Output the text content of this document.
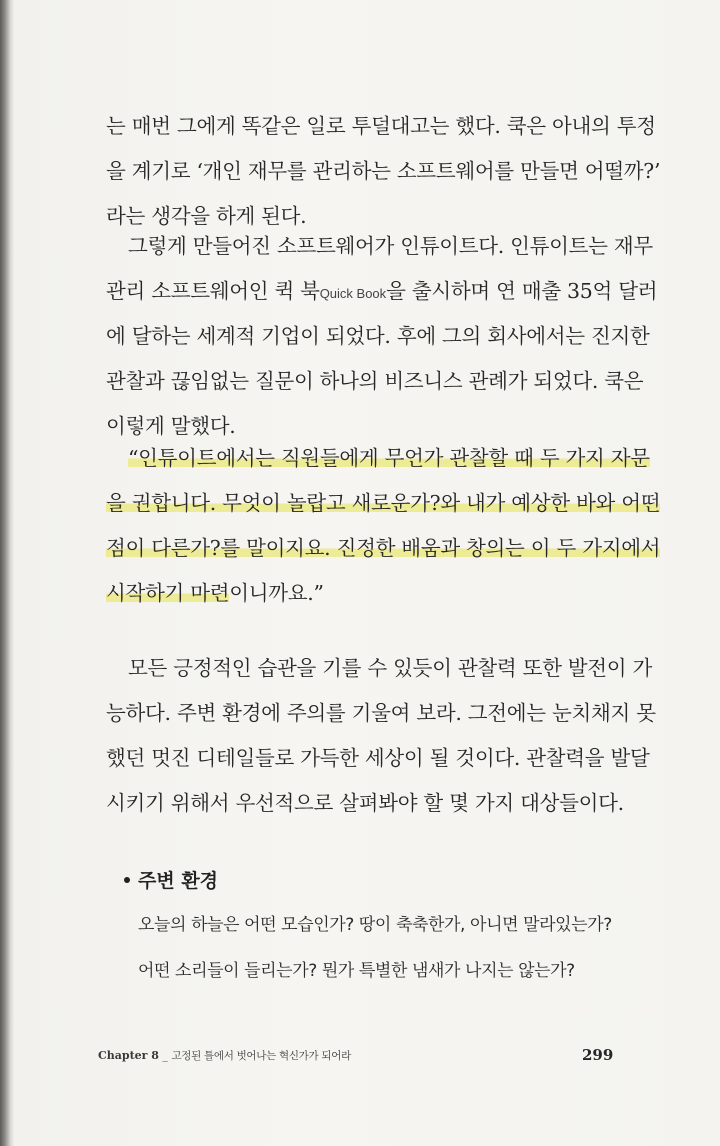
는 매번 그에게 똑같은 일로 투덜대고는 했다. 쿡은 아내의 투정
을 계기로 ‘개인 재무를 관리하는 소프트웨어를 만들면 어떨까?’
라는 생각을 하게 된다.
그렇게 만들어진 소프트웨어가 인튜이트다. 인튜이트는 재무
관리 소프트웨어인 퀵 북Quick Book을 출시하며 연 매출 35억 달러
에 달하는 세계적 기업이 되었다. 후에 그의 회사에서는 진지한
관찰과 끊임없는 질문이 하나의 비즈니스 관례가 되었다. 쿡은
이렇게 말했다.
“인튜이트에서는 직원들에게 무언가 관찰할 때 두 가지 자문
을 권합니다. 무엇이 놀랍고 새로운가?와 내가 예상한 바와 어떤
점이 다른가?를 말이지요. 진정한 배움과 창의는 이 두 가지에서
시작하기 마련이니까요.”
모든 긍정적인 습관을 기를 수 있듯이 관찰력 또한 발전이 가
능하다. 주변 환경에 주의를 기울여 보라. 그전에는 눈치채지 못
했던 멋진 디테일들로 가득한 세상이 될 것이다. 관찰력을 발달
시키기 위해서 우선적으로 살펴봐야 할 몇 가지 대상들이다.
주변 환경
오늘의 하늘은 어떤 모습인가? 땅이 축축한가, 아니면 말라있는가?
어떤 소리들이 들리는가? 뭔가 특별한 냄새가 나지는 않는가?
Chapter 8 _ 고정된 틀에서 벗어나는 혁신가가 되어라	299
